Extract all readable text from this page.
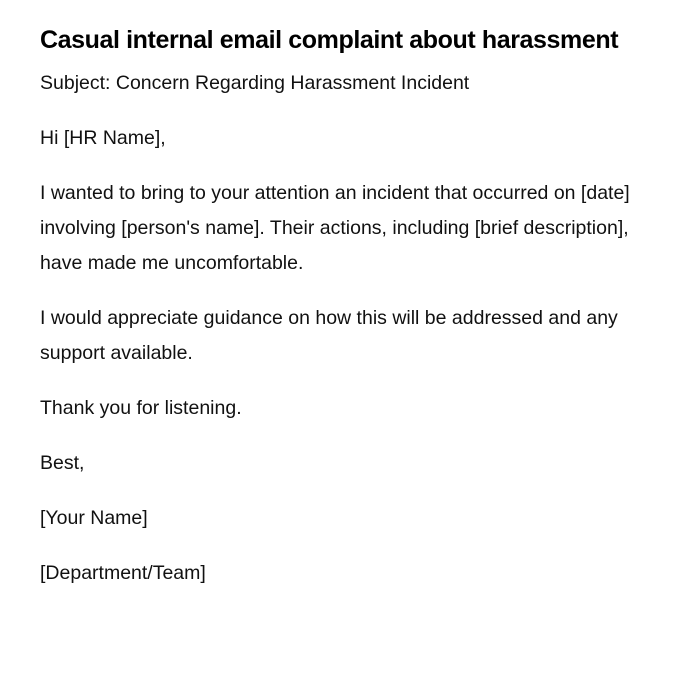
Casual internal email complaint about harassment

Subject: Concern Regarding Harassment Incident

Hi [HR Name],

I wanted to bring to your attention an incident that occurred on [date] involving [person's name]. Their actions, including [brief description], have made me uncomfortable.

I would appreciate guidance on how this will be addressed and any support available.

Thank you for listening.

Best,

[Your Name]

[Department/Team]
